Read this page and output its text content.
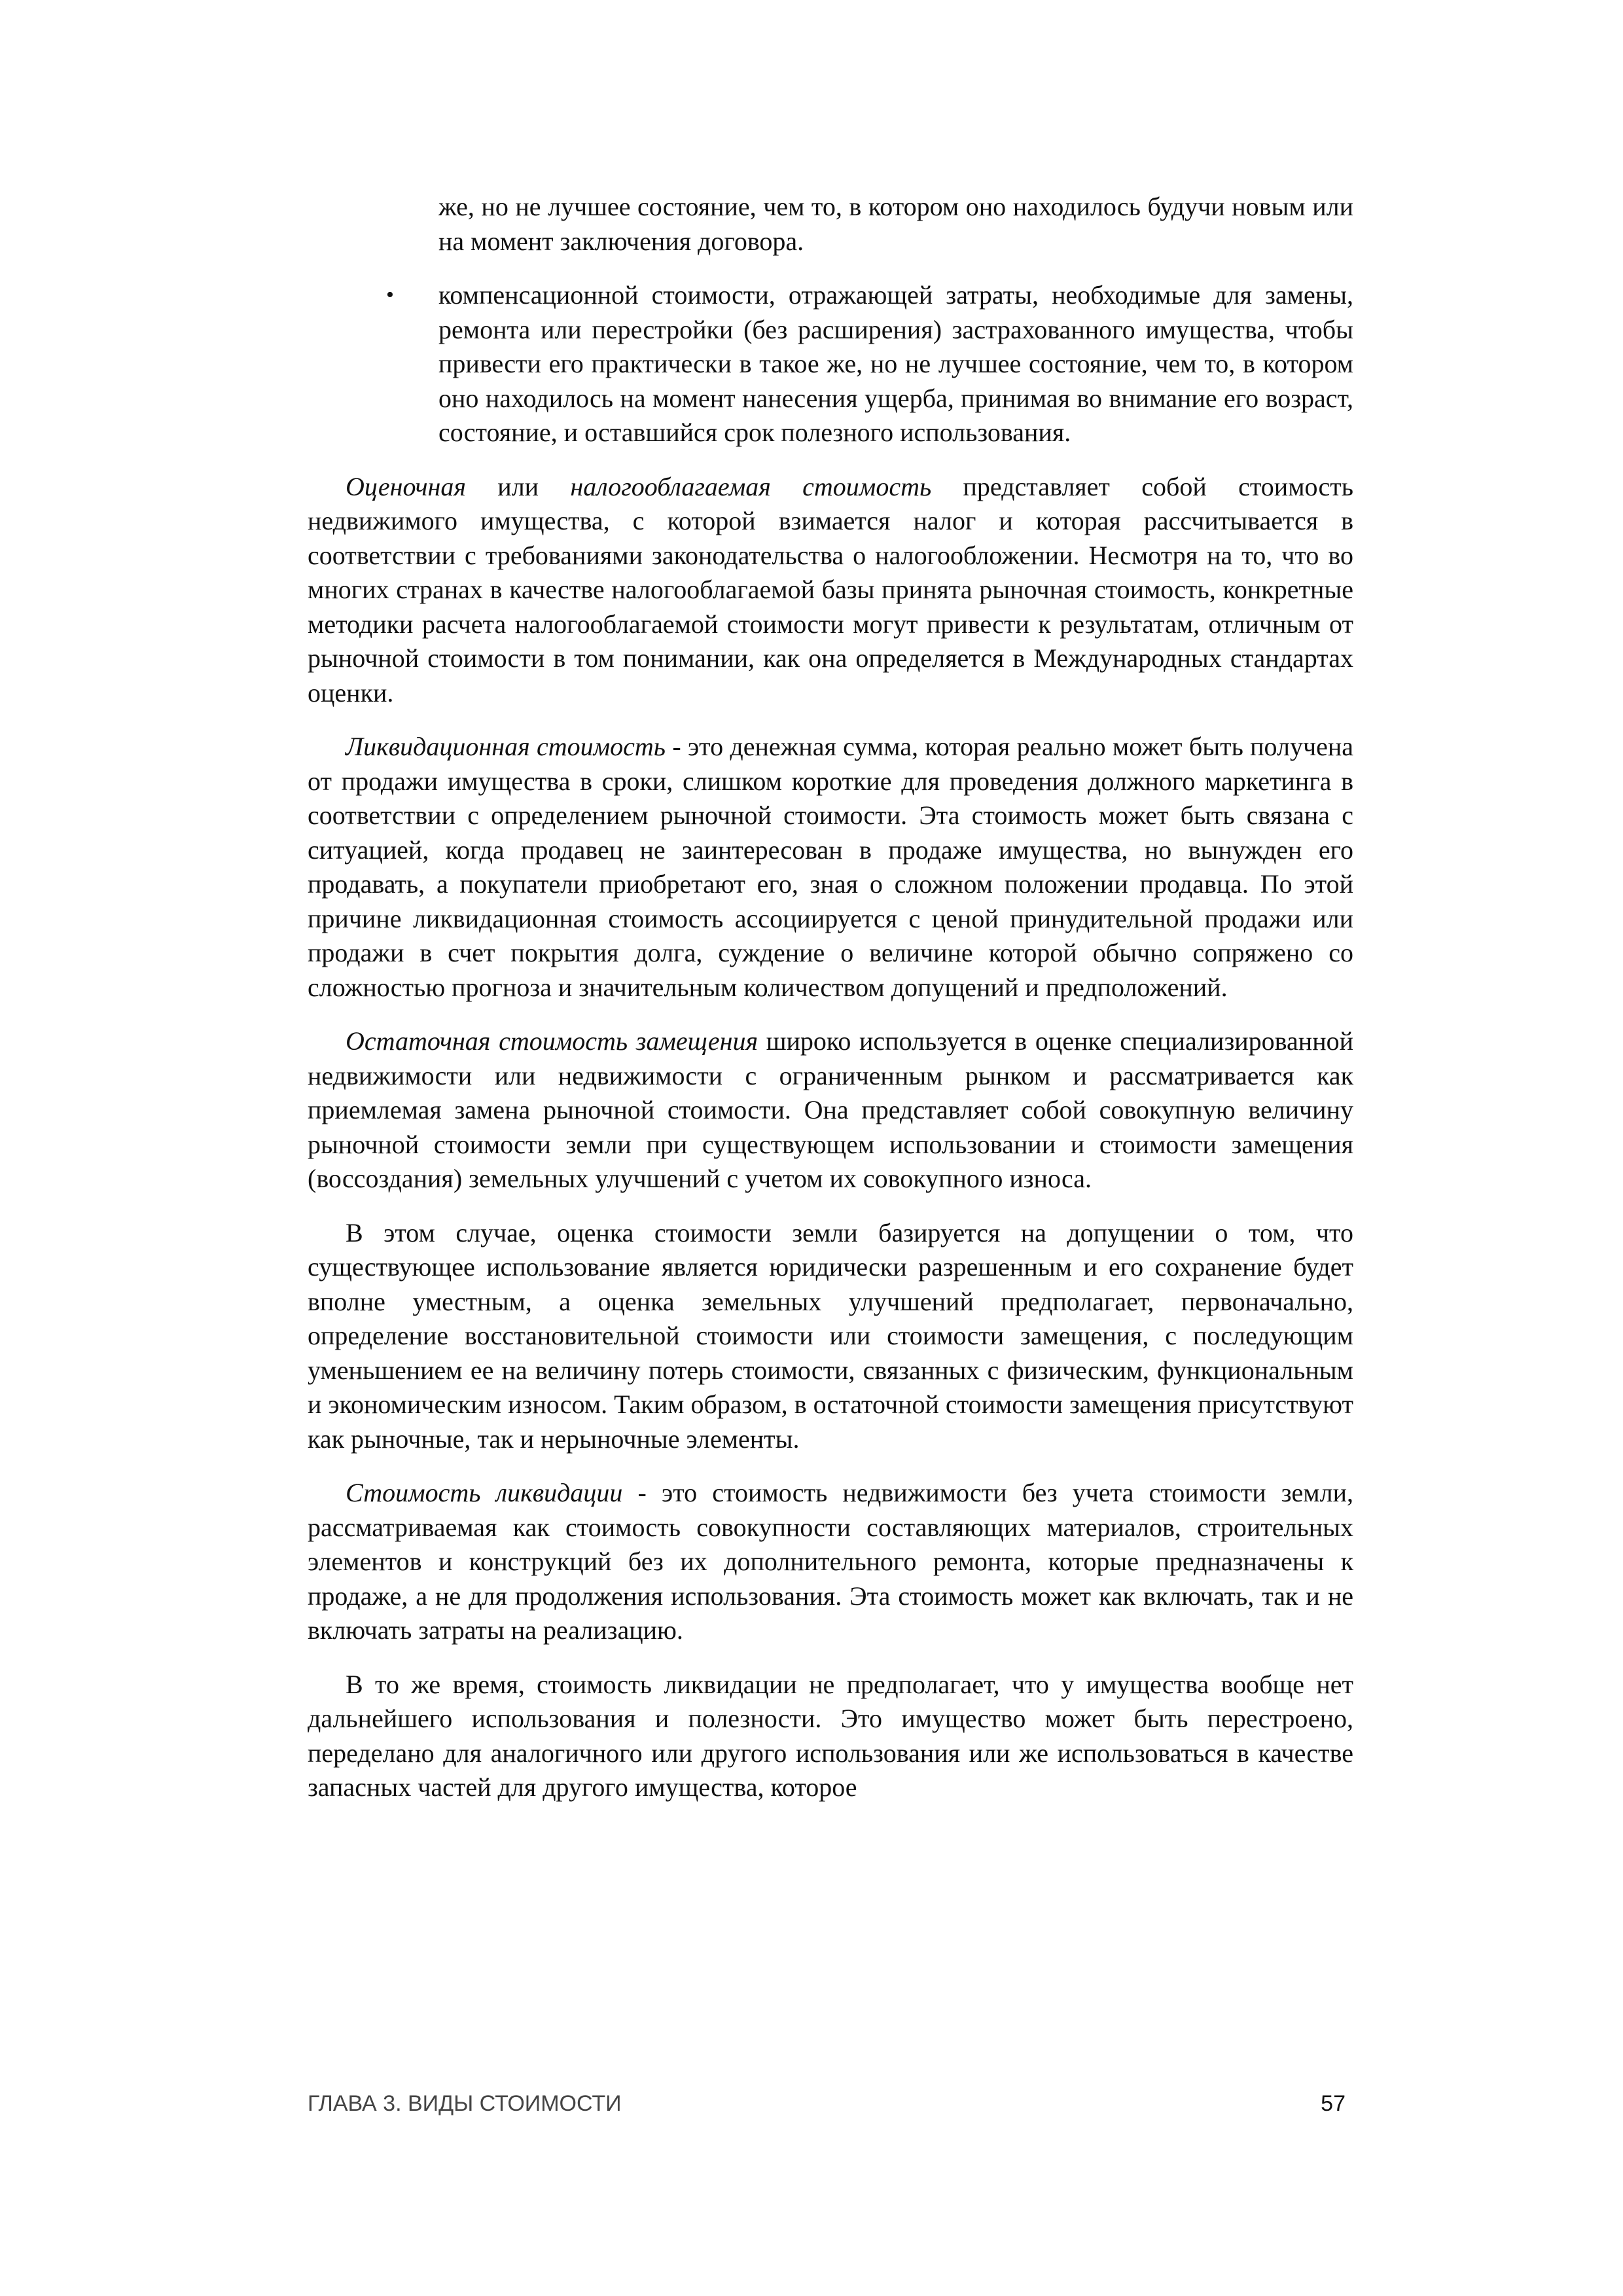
же, но не лучшее состояние, чем то, в котором оно находилось будучи новым или на момент заключения договора.
• компенсационной стоимости, отражающей затраты, необходимые для замены, ремонта или перестройки (без расширения) застрахованного имущества, чтобы привести его практически в такое же, но не лучшее состояние, чем то, в котором оно находилось на момент нанесения ущерба, принимая во внимание его возраст, состояние, и оставшийся срок полезного использования.

Оценочная или налогооблагаемая стоимость представляет собой стоимость недвижимого имущества, с которой взимается налог и которая рассчитывается в соответствии с требованиями законодательства о налогообложении. Несмотря на то, что во многих странах в качестве налогооблагаемой базы принята рыночная стоимость, конкретные методики расчета налогооблагаемой стоимости могут привести к результатам, отличным от рыночной стоимости в том понимании, как она определяется в Международных стандартах оценки.

Ликвидационная стоимость - это денежная сумма, которая реально может быть получена от продажи имущества в сроки, слишком короткие для проведения должного маркетинга в соответствии с определением рыночной стоимости. Эта стоимость может быть связана с ситуацией, когда продавец не заинтересован в продаже имущества, но вынужден его продавать, а покупатели приобретают его, зная о сложном положении продавца. По этой причине ликвидационная стоимость ассоциируется с ценой принудительной продажи или продажи в счет покрытия долга, суждение о величине которой обычно сопряжено со сложностью прогноза и значительным количеством допущений и предположений.

Остаточная стоимость замещения широко используется в оценке специализированной недвижимости или недвижимости с ограниченным рынком и рассматривается как приемлемая замена рыночной стоимости. Она представляет собой совокупную величину рыночной стоимости земли при существующем использовании и стоимости замещения (воссоздания) земельных улучшений с учетом их совокупного износа.

В этом случае, оценка стоимости земли базируется на допущении о том, что существующее использование является юридически разрешенным и его сохранение будет вполне уместным, а оценка земельных улучшений предполагает, первоначально, определение восстановительной стоимости или стоимости замещения, с последующим уменьшением ее на величину потерь стоимости, связанных с физическим, функциональным и экономическим износом. Таким образом, в остаточной стоимости замещения присутствуют как рыночные, так и нерыночные элементы.

Стоимость ликвидации - это стоимость недвижимости без учета стоимости земли, рассматриваемая как стоимость совокупности составляющих материалов, строительных элементов и конструкций без их дополнительного ремонта, которые предназначены к продаже, а не для продолжения использования. Эта стоимость может как включать, так и не включать затраты на реализацию.

В то же время, стоимость ликвидации не предполагает, что у имущества вообще нет дальнейшего использования и полезности. Это имущество может быть перестроено, переделано для аналогичного или другого использования или же использоваться в качестве запасных частей для другого имущества, которое

ГЛАВА 3. ВИДЫ СТОИМОСТИ	57
